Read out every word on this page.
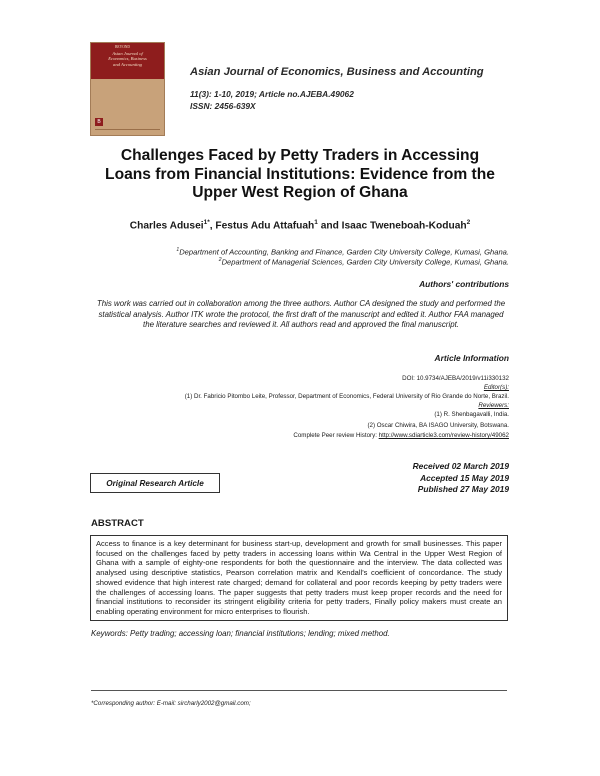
BEYOND
Asian Journal of
Economics, Business
and Accounting
B
Asian Journal of Economics, Business and Accounting
11(3): 1-10, 2019; Article no.AJEBA.49062
ISSN: 2456-639X
Challenges Faced by Petty Traders in Accessing
Loans from Financial Institutions: Evidence from the
Upper West Region of Ghana
Charles Adusei$^{1*}$, Festus Adu Attafuah$^1$ and Isaac Tweneboah-Koduah$^2$
$^1$Department of Accounting, Banking and Finance, Garden City University College, Kumasi, Ghana.
$^2$Department of Managerial Sciences, Garden City University College, Kumasi, Ghana.
Authors' contributions
This work was carried out in collaboration among the three authors. Author CA designed the study and performed the statistical analysis. Author ITK wrote the protocol, the first draft of the manuscript and edited it. Author FAA managed the literature searches and reviewed it. All authors read and approved the final manuscript.
Article Information
DOI: 10.9734/AJEBA/2019/v11i330132
Editor(s):
(1) Dr. Fabricio Pitombo Leite, Professor, Department of Economics, Federal University of Rio Grande do Norte, Brazil.
Reviewers:
(1) R. Shenbagavalli, India.
(2) Oscar Chiwira, BA ISAGO University, Botswana.
Complete Peer review History: http://www.sdiarticle3.com/review-history/49062
Received 02 March 2019
Accepted 15 May 2019
Published 27 May 2019
Original Research Article
ABSTRACT
Access to finance is a key determinant for business start-up, development and growth for small businesses. This paper focused on the challenges faced by petty traders in accessing loans within Wa Central in the Upper West Region of Ghana with a sample of eighty-one respondents for both the questionnaire and the interview. The data collected was analysed using descriptive statistics, Pearson correlation matrix and Kendall's coefficient of concordance. The study showed evidence that high interest rate charged; demand for collateral and poor records keeping by petty traders were the challenges of accessing loans. The paper suggests that petty traders must keep proper records and the need for financial institutions to reconsider its stringent eligibility criteria for petty traders, Finally policy makers must create an enabling operating environment for micro enterprises to flourish.
Keywords: Petty trading; accessing loan; financial institutions; lending; mixed method.
*Corresponding author: E-mail: sircharly2002@gmail.com;
